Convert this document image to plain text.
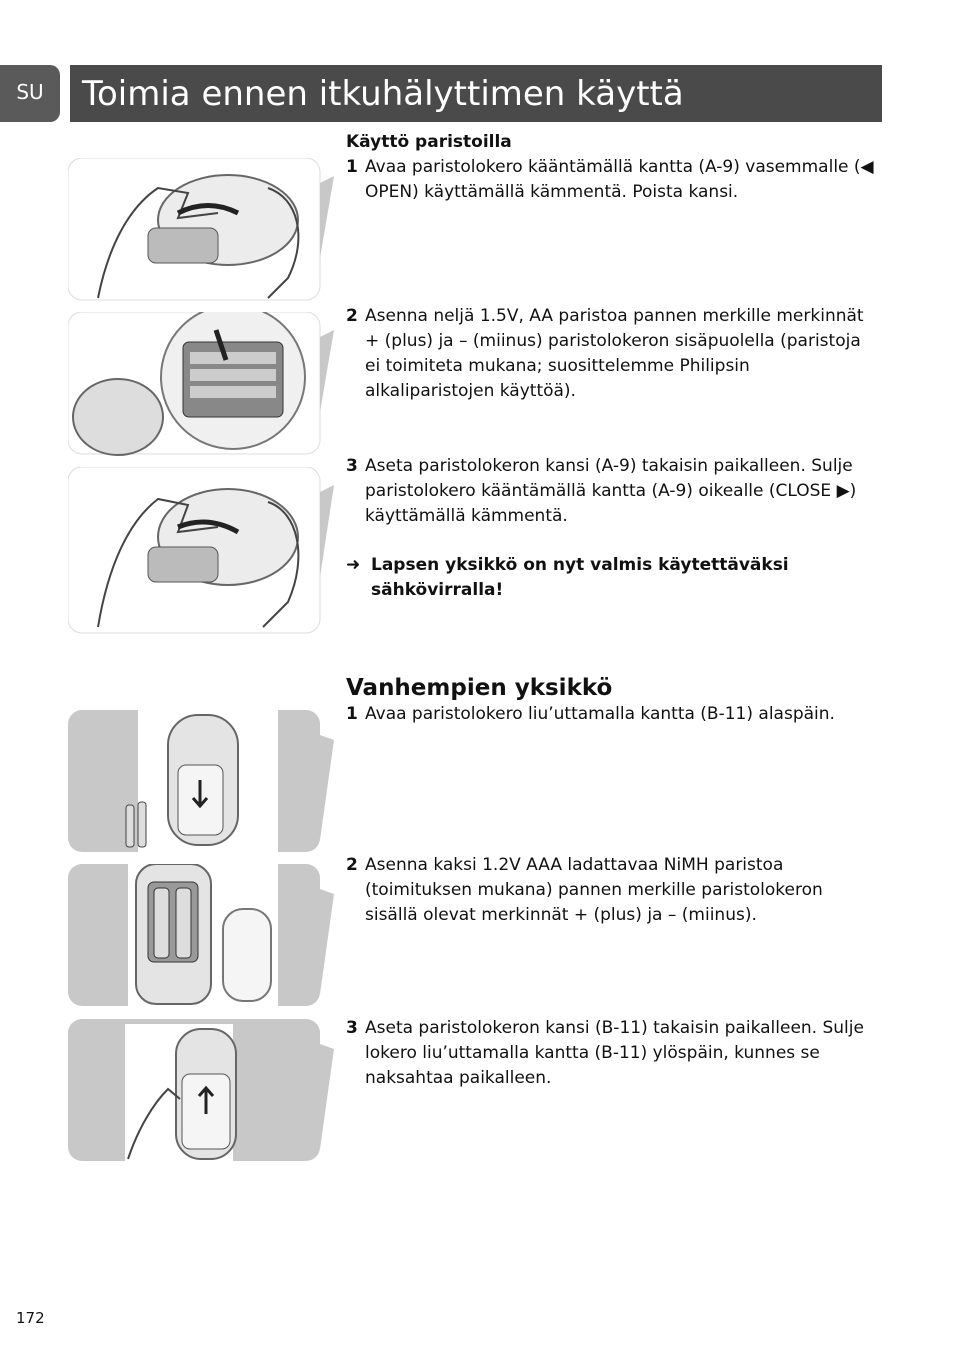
SU Toimia ennen itkuhälyttimen käyttä
Käyttö paristoilla
1 Avaa paristolokero kääntämällä kantta (A-9) vasemmalle (◀ OPEN) käyttämällä kämmentä. Poista kansi.
2 Asenna neljä 1.5V, AA paristoa pannen merkille merkinnät + (plus) ja – (miinus) paristolokeron sisäpuolella (paristoja ei toimiteta mukana; suosittelemme Philipsin alkaliparistojen käyttöä).
3 Aseta paristolokeron kansi (A-9) takaisin paikalleen. Sulje paristolokero kääntämällä kantta (A-9) oikealle (CLOSE ▶) käyttämällä kämmentä.
➜ Lapsen yksikkö on nyt valmis käytettäväksi sähkövirralla!
Vanhempien yksikkö
1 Avaa paristolokero liu’uttamalla kantta (B-11) alaspäin.
2 Asenna kaksi 1.2V AAA ladattavaa NiMH paristoa (toimituksen mukana) pannen merkille paristolokeron sisällä olevat merkinnät + (plus) ja – (miinus).
3 Aseta paristolokeron kansi (B-11) takaisin paikalleen. Sulje lokero liu’uttamalla kantta (B-11) ylöspäin, kunnes se naksahtaa paikalleen.
172
